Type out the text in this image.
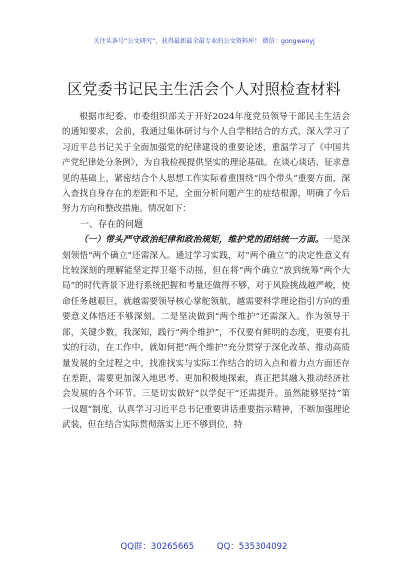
关注头条号“公文研究”，获得最新最全最专业的公文资料库！ 微信：gongwenyj
区党委书记民主生活会个人对照检查材料

根据市纪委、市委组织部关于开好2024年度党员领导干部民主生活会的通知要求，会前，我通过集体研讨与个人自学相结合的方式，深入学习了习近平总书记关于全面加强党的纪律建设的重要论述，重温学习了《中国共产党纪律处分条例》，为自我检视提供坚实的理论基础。在谈心谈话、征求意见的基础上，紧密结合个人思想工作实际着重围绕“四个带头”重要方面，深入查找自身存在的差距和不足，全面分析问题产生的症结根源，明确了今后努力方向和整改措施。情况如下：

一、存在的问题

（一）带头严守政治纪律和政治规矩，维护党的团结统一方面。一是深刻领悟“两个确立”还需深入。通过学习实践，对“两个确立”的决定性意义有比较深刻的理解能坚定捍卫毫不动摇，但在将“两个确立”放到统筹“两个大局”的时代背景下进行系统把握和考量还做得不够，对于风险挑战越严峻，使命任务越艰巨，就越需要领导核心掌舵领航，越需要科学理论指引方向的重要意义体悟还不够深刻。二是坚决做到“两个维护”还需深入。作为领导干部，关键少数，我深知，践行“两个维护”，不仅要有鲜明的态度，更要有扎实的行动，在工作中，就如何把“两个维护”充分贯穿于深化改革、推动高质量发展的全过程之中，找准找实与实际工作结合的切入点和着力点方面还存在差距，需要更加深入地思考、更加积极地探索，真正把其融入推动经济社会发展的各个环节。三是切实做好“以学促干”还需提升。虽然能够坚持“第一议题”制度，认真学习习近平总书记重要讲话重要指示精神，不断加强理论武装，但在结合实际贯彻落实上还不够到位，特

QQ群：30265665	QQ：535304092
